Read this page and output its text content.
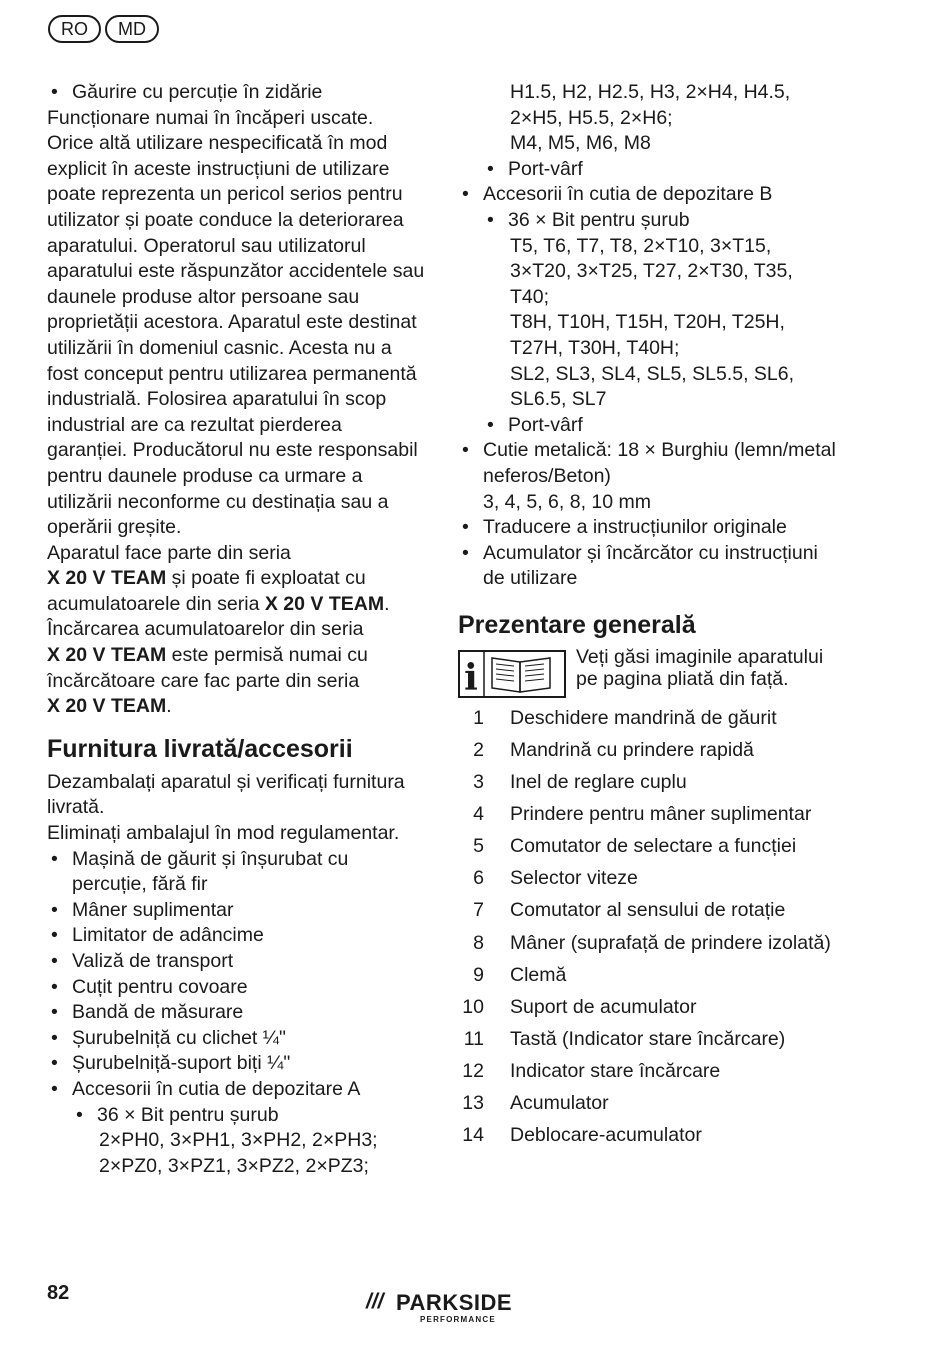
RO	MD

• Găurire cu percuție în zidărie

Funcționare numai în încăperi uscate.

Orice altă utilizare nespecificată în mod explicit în aceste instrucțiuni de utilizare poate reprezenta un pericol serios pentru utilizator și poate conduce la deteriorarea aparatului. Operatorul sau utilizatorul aparatului este răspunzător accidentele sau daunele produse altor persoane sau proprietății acestora. Aparatul este destinat utilizării în domeniul casnic. Acesta nu a fost conceput pentru utilizarea permanentă industrială. Folosirea aparatului în scop industrial are ca rezultat pierderea garanției. Producătorul nu este responsabil pentru daunele produse ca urmare a utilizării neconforme cu destinația sau a operării greșite.

Aparatul face parte din seria
X 20 V TEAM și poate fi exploatat cu acumulatoarele din seria X 20 V TEAM. Încărcarea acumulatoarelor din seria
X 20 V TEAM este permisă numai cu încărcătoare care fac parte din seria
X 20 V TEAM.

Furnitura livrată/accesorii

Dezambalați aparatul și verificați furnitura livrată.

Eliminați ambalajul în mod regulamentar.

• Mașină de găurit și înșurubat cu percuție, fără fir

• Mâner suplimentar

• Limitator de adâncime

• Valiză de transport

• Cuțit pentru covoare

• Bandă de măsurare

• Șurubelniță cu clichet ¼"

• Șurubelniță-suport biți ¼"

• Accesorii în cutia de depozitare A

• 36 × Bit pentru șurub

2×PH0, 3×PH1, 3×PH2, 2×PH3;

2×PZ0, 3×PZ1, 3×PZ2, 2×PZ3;

H1.5, H2, H2.5, H3, 2×H4, H4.5,

2×H5, H5.5, 2×H6;

M4, M5, M6, M8

• Port-vârf

• Accesorii în cutia de depozitare B

• 36 × Bit pentru șurub

T5, T6, T7, T8, 2×T10, 3×T15,

3×T20, 3×T25, T27, 2×T30, T35,

T40;

T8H, T10H, T15H, T20H, T25H,

T27H, T30H, T40H;

SL2, SL3, SL4, SL5, SL5.5, SL6,

SL6.5, SL7

• Port-vârf

• Cutie metalică: 18 × Burghiu (lemn/metal neferos/Beton)

3, 4, 5, 6, 8, 10 mm

• Traducere a instrucțiunilor originale

• Acumulator și încărcător cu instrucțiuni de utilizare

Prezentare generală
i	Veți găsi imaginile aparatului pe pagina pliată din față.
1 Deschidere mandrină de găurit
2 Mandrină cu prindere rapidă
3 Inel de reglare cuplu
4 Prindere pentru mâner suplimentar
5 Comutator de selectare a funcției
6 Selector viteze
7 Comutator al sensului de rotație
8 Mâner (suprafață de prindere izolată)
9 Clemă
10 Suport de acumulator
11 Tastă (Indicator stare încărcare)
12 Indicator stare încărcare
13 Acumulator
14 Deblocare-acumulator
82	/// PARKSIDE
PERFORMANCE
